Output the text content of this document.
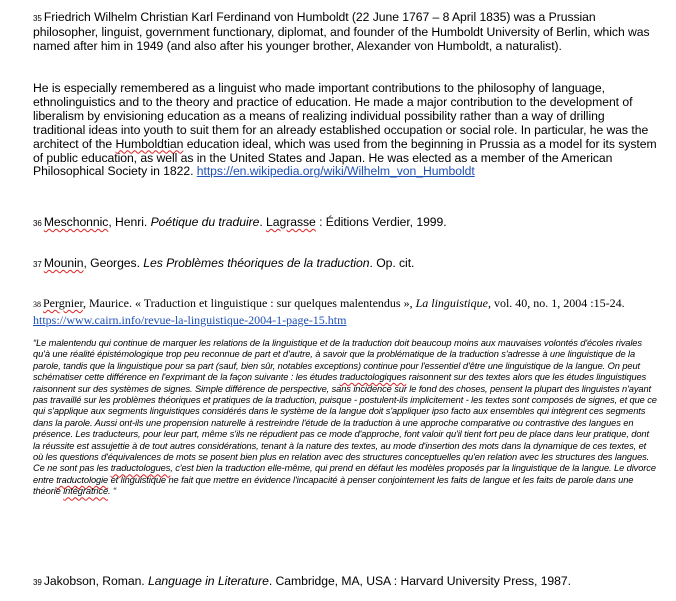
35 Friedrich Wilhelm Christian Karl Ferdinand von Humboldt (22 June 1767 – 8 April 1835) was a Prussian philosopher, linguist, government functionary, diplomat, and founder of the Humboldt University of Berlin, which was named after him in 1949 (and also after his younger brother, Alexander von Humboldt, a naturalist).

He is especially remembered as a linguist who made important contributions to the philosophy of language, ethnolinguistics and to the theory and practice of education. He made a major contribution to the development of liberalism by envisioning education as a means of realizing individual possibility rather than a way of drilling traditional ideas into youth to suit them for an already established occupation or social role. In particular, he was the architect of the Humboldtian education ideal, which was used from the beginning in Prussia as a model for its system of public education, as well as in the United States and Japan. He was elected as a member of the American Philosophical Society in 1822. https://en.wikipedia.org/wiki/Wilhelm_von_Humboldt

36 Meschonnic, Henri. Poétique du traduire. Lagrasse : Éditions Verdier, 1999.

37 Mounin, Georges. Les Problèmes théoriques de la traduction. Op. cit.

38 Pergnier, Maurice. « Traduction et linguistique : sur quelques malentendus », La linguistique, vol. 40, no. 1, 2004 :15-24. https://www.cairn.info/revue-la-linguistique-2004-1-page-15.htm

“Le malentendu qui continue de marquer les relations de la linguistique et de la traduction doit beaucoup moins aux mauvaises volontés d'écoles rivales qu'à une réalité épistémologique trop peu reconnue de part et d'autre, à savoir que la problématique de la traduction s'adresse à une linguistique de la parole, tandis que la linguistique pour sa part (sauf, bien sûr, notables exceptions) continue pour l'essentiel d'être une linguistique de la langue. On peut schématiser cette différence en l'exprimant de la façon suivante : les études traductologiques raisonnent sur des textes alors que les études linguistiques raisonnent sur des systèmes de signes. Simple différence de perspective, sans incidence sur le fond des choses, pensent la plupart des linguistes n'ayant pas travaillé sur les problèmes théoriques et pratiques de la traduction, puisque - postulent-ils implicitement - les textes sont composés de signes, et que ce qui s'applique aux segments linguistiques considérés dans le système de la langue doit s'appliquer ipso facto aux ensembles qui intègrent ces segments dans la parole. Aussi ont-ils une propension naturelle à restreindre l'étude de la traduction à une approche comparative ou contrastive des langues en présence. Les traducteurs, pour leur part, même s'ils ne répudient pas ce mode d'approche, font valoir qu'il tient fort peu de place dans leur pratique, dont la réussite est assujettie à de tout autres considérations, tenant à la nature des textes, au mode d'insertion des mots dans la dynamique de ces textes, et où les questions d'équivalences de mots se posent bien plus en relation avec des structures conceptuelles qu'en relation avec les structures des langues. Ce ne sont pas les traductologues, c'est bien la traduction elle-même, qui prend en défaut les modèles proposés par la linguistique de la langue. Le divorce entre traductologie et linguistique ne fait que mettre en évidence l'incapacité à penser conjointement les faits de langue et les faits de parole dans une théorie intégratrice. “

39 Jakobson, Roman. Language in Literature. Cambridge, MA, USA : Harvard University Press, 1987.
